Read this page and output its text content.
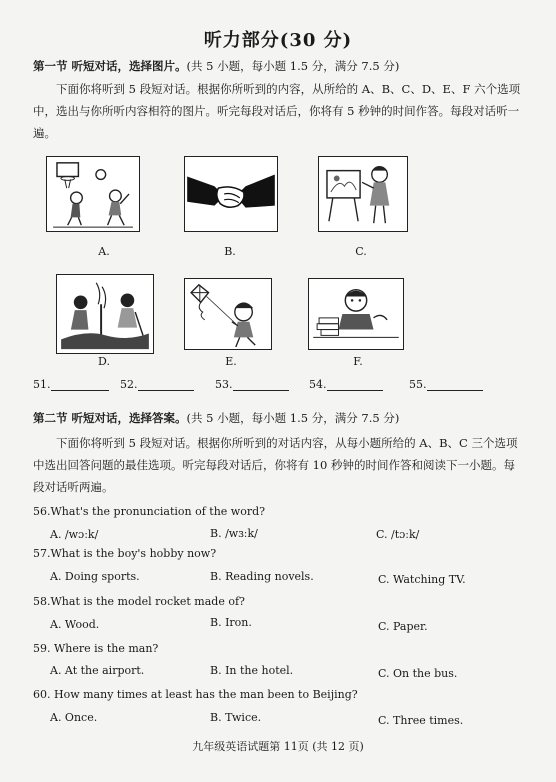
听力部分(30 分)
第一节 听短对话，选择图片。(共 5 小题，每小题 1.5 分，满分 7.5 分)
下面你将听到 5 段短对话。根据你所听到的内容，从所给的 A、B、C、D、E、F 六个选项中，选出与你所听内容相符的图片。听完每段对话后，你将有 5 秒钟的时间作答。每段对话听一遍。
A.	B.	C.
D.	E.	F.
51.	52.	53.	54.	55.
第二节 听短对话，选择答案。(共 5 小题，每小题 1.5 分，满分 7.5 分)
下面你将听到 5 段短对话。根据你所听到的对话内容，从每小题所给的 A、B、C 三个选项中选出回答问题的最佳选项。听完每段对话后，你将有 10 秒钟的时间作答和阅读下一小题。每段对话听两遍。
56.What's the pronunciation of the word?
A. /wɔːk/	B. /wɜːk/	C. /tɔːk/
57.What is the boy's hobby now?
A. Doing sports.	B. Reading novels.	C. Watching TV.
58.What is the model rocket made of?
A. Wood.	B. Iron.	C. Paper.
59. Where is the man?
A. At the airport.	B. In the hotel.	C. On the bus.
60. How many times at least has the man been to Beijing?
A. Once.	B. Twice.	C. Three times.
九年级英语试题第 11页 (共 12 页)
